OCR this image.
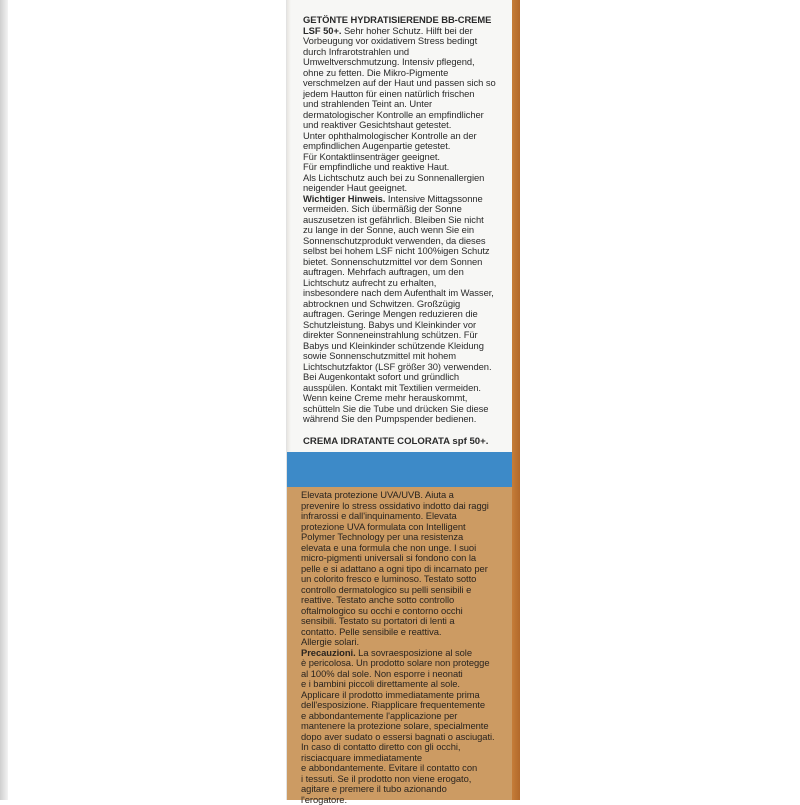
GETÖNTE HYDRATISIERENDE BB-CREME
LSF 50+. Sehr hoher Schutz. Hilft bei der
Vorbeugung vor oxidativem Stress bedingt
durch Infrarotstrahlen und
Umweltverschmutzung. Intensiv pflegend,
ohne zu fetten. Die Mikro-Pigmente
verschmelzen auf der Haut und passen sich so
jedem Hautton für einen natürlich frischen
und strahlenden Teint an. Unter
dermatologischer Kontrolle an empfindlicher
und reaktiver Gesichtshaut getestet.
Unter ophthalmologischer Kontrolle an der
empfindlichen Augenpartie getestet.
Für Kontaktlinsenträger geeignet.
Für empfindliche und reaktive Haut.
Als Lichtschutz auch bei zu Sonnenallergien
neigender Haut geeignet.
Wichtiger Hinweis. Intensive Mittagssonne
vermeiden. Sich übermäßig der Sonne
auszusetzen ist gefährlich. Bleiben Sie nicht
zu lange in der Sonne, auch wenn Sie ein
Sonnenschutzprodukt verwenden, da dieses
selbst bei hohem LSF nicht 100%igen Schutz
bietet. Sonnenschutzmittel vor dem Sonnen
auftragen. Mehrfach auftragen, um den
Lichtschutz aufrecht zu erhalten,
insbesondere nach dem Aufenthalt im Wasser,
abtrocknen und Schwitzen. Großzügig
auftragen. Geringe Mengen reduzieren die
Schutzleistung. Babys und Kleinkinder vor
direkter Sonneneinstrahlung schützen. Für
Babys und Kleinkinder schützende Kleidung
sowie Sonnenschutzmittel mit hohem
Lichtschutzfaktor (LSF größer 30) verwenden.
Bei Augenkontakt sofort und gründlich
ausspülen. Kontakt mit Textilien vermeiden.
Wenn keine Creme mehr herauskommt,
schütteln Sie die Tube und drücken Sie diese
während Sie den Pumpspender bedienen.
CREMA IDRATANTE COLORATA spf 50+.
Elevata protezione UVA/UVB. Aiuta a
prevenire lo stress ossidativo indotto dai raggi
infrarossi e dall'inquinamento. Elevata
protezione UVA formulata con Intelligent
Polymer Technology per una resistenza
elevata e una formula che non unge. I suoi
micro-pigmenti universali si fondono con la
pelle e si adattano a ogni tipo di incarnato per
un colorito fresco e luminoso. Testato sotto
controllo dermatologico su pelli sensibili e
reattive. Testato anche sotto controllo
oftalmologico su occhi e contorno occhi
sensibili. Testato su portatori di lenti a
contatto. Pelle sensibile e reattiva.
Allergie solari.
Precauzioni. La sovraesposizione al sole
è pericolosa. Un prodotto solare non protegge
al 100% dal sole. Non esporre i neonati
e i bambini piccoli direttamente al sole.
Applicare il prodotto immediatamente prima
dell'esposizione. Riapplicare frequentemente
e abbondantemente l'applicazione per
mantenere la protezione solare, specialmente
dopo aver sudato o essersi bagnati o asciugati.
In caso di contatto diretto con gli occhi,
risciacquare immediatamente
e abbondantemente. Evitare il contatto con
i tessuti. Se il prodotto non viene erogato,
agitare e premere il tubo azionando
l'erogatore.
